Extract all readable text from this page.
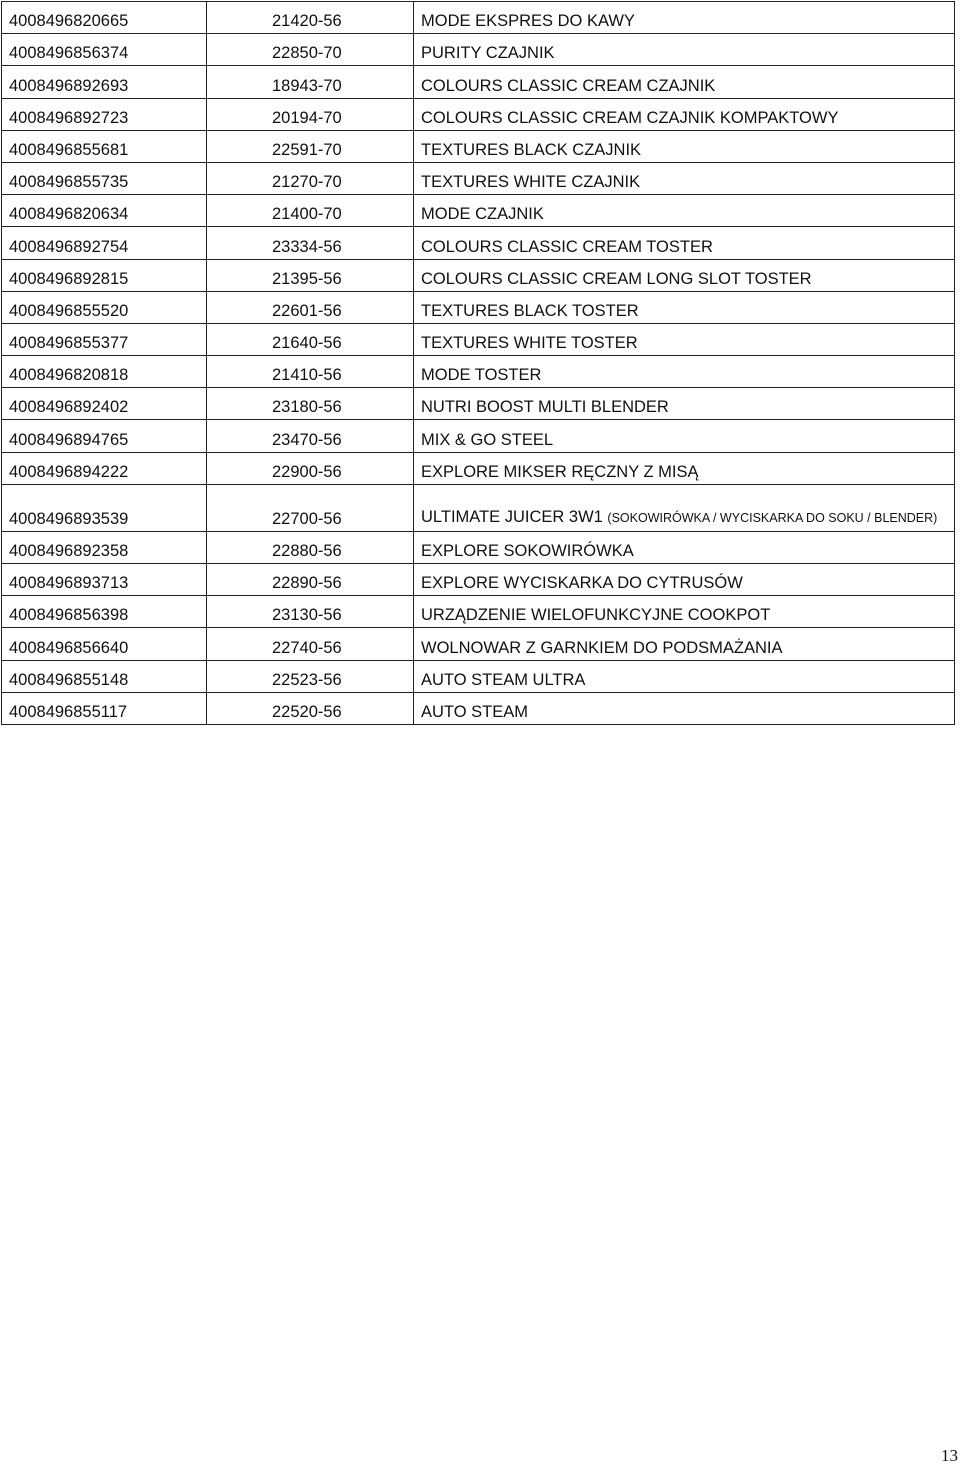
4008496820665	21420-56	MODE EKSPRES DO KAWY
4008496856374	22850-70	PURITY CZAJNIK
4008496892693	18943-70	COLOURS CLASSIC CREAM CZAJNIK
4008496892723	20194-70	COLOURS CLASSIC CREAM CZAJNIK KOMPAKTOWY
4008496855681	22591-70	TEXTURES BLACK CZAJNIK
4008496855735	21270-70	TEXTURES WHITE CZAJNIK
4008496820634	21400-70	MODE CZAJNIK
4008496892754	23334-56	COLOURS CLASSIC CREAM TOSTER
4008496892815	21395-56	COLOURS CLASSIC CREAM LONG SLOT TOSTER
4008496855520	22601-56	TEXTURES BLACK TOSTER
4008496855377	21640-56	TEXTURES WHITE TOSTER
4008496820818	21410-56	MODE TOSTER
4008496892402	23180-56	NUTRI BOOST MULTI BLENDER
4008496894765	23470-56	MIX & GO STEEL
4008496894222	22900-56	EXPLORE MIKSER RĘCZNY Z MISĄ
4008496893539	22700-56	ULTIMATE JUICER 3W1 (SOKOWIRÓWKA / WYCISKARKA DO SOKU / BLENDER)
4008496892358	22880-56	EXPLORE SOKOWIRÓWKA
4008496893713	22890-56	EXPLORE WYCISKARKA DO CYTRUSÓW
4008496856398	23130-56	URZĄDZENIE WIELOFUNKCYJNE COOKPOT
4008496856640	22740-56	WOLNOWAR Z GARNKIEM DO PODSMAŻANIA
4008496855148	22523-56	AUTO STEAM ULTRA
4008496855117	22520-56	AUTO STEAM
13
